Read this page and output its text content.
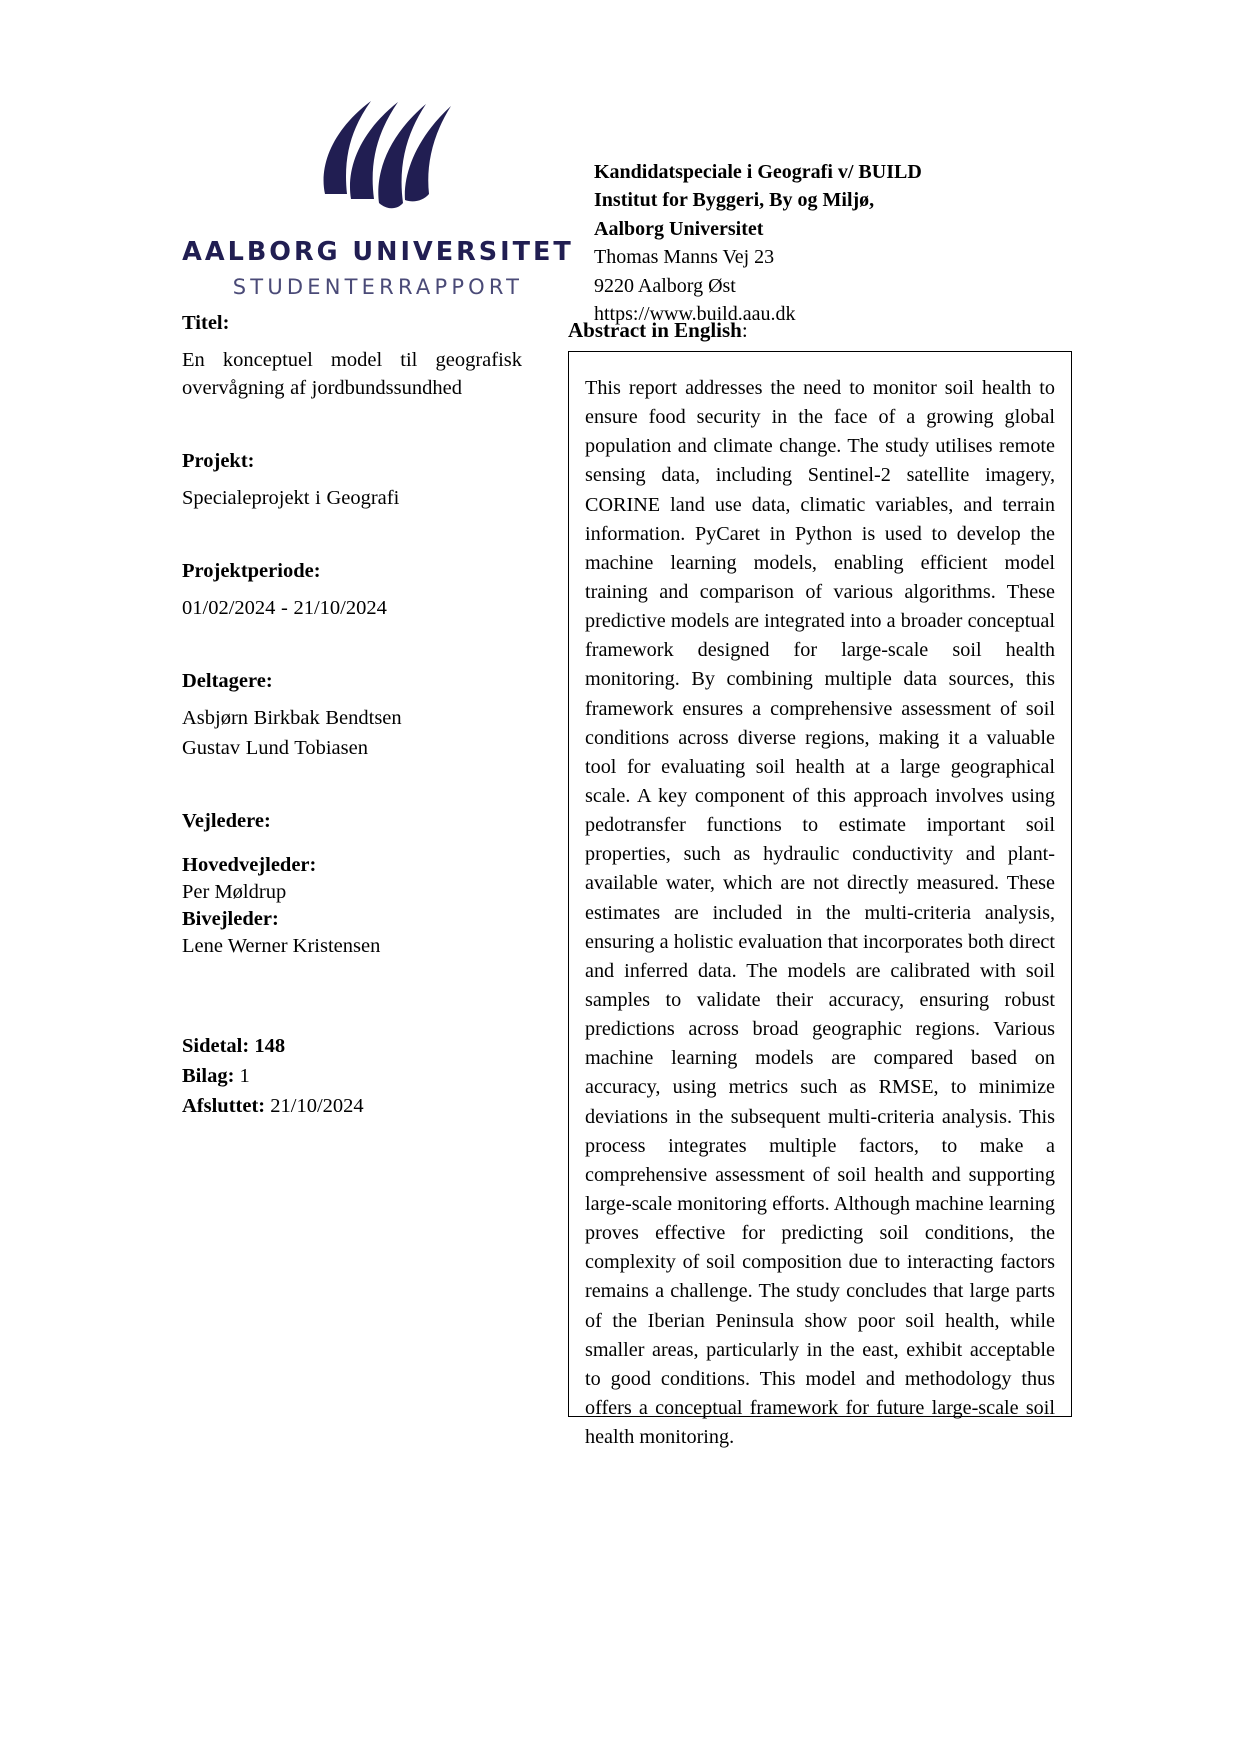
AALBORG UNIVERSITET
STUDENTERRAPPORT

Titel:

En konceptuel model til geografisk overvågning af jordbundssundhed

Projekt:

Specialeprojekt i Geografi

Projektperiode:

01/02/2024 - 21/10/2024

Deltagere:

Asbjørn Birkbak Bendtsen

Gustav Lund Tobiasen

Vejledere:

Hovedvejleder:

Per Møldrup

Bivejleder:

Lene Werner Kristensen

Sidetal: 148

Bilag: 1

Afsluttet: 21/10/2024

Kandidatspeciale i Geografi v/ BUILD

Institut for Byggeri, By og Miljø,

Aalborg Universitet

Thomas Manns Vej 23

9220 Aalborg Øst

https://www.build.aau.dk

Abstract in English:

This report addresses the need to monitor soil health to ensure food security in the face of a growing global population and climate change. The study utilises remote sensing data, including Sentinel-2 satellite imagery, CORINE land use data, climatic variables, and terrain information. PyCaret in Python is used to develop the machine learning models, enabling efficient model training and comparison of various algorithms. These predictive models are integrated into a broader conceptual framework designed for large-scale soil health monitoring. By combining multiple data sources, this framework ensures a comprehensive assessment of soil conditions across diverse regions, making it a valuable tool for evaluating soil health at a large geographical scale. A key component of this approach involves using pedotransfer functions to estimate important soil properties, such as hydraulic conductivity and plant-available water, which are not directly measured. These estimates are included in the multi-criteria analysis, ensuring a holistic evaluation that incorporates both direct and inferred data. The models are calibrated with soil samples to validate their accuracy, ensuring robust predictions across broad geographic regions. Various machine learning models are compared based on accuracy, using metrics such as RMSE, to minimize deviations in the subsequent multi-criteria analysis. This process integrates multiple factors, to make a comprehensive assessment of soil health and supporting large-scale monitoring efforts. Although machine learning proves effective for predicting soil conditions, the complexity of soil composition due to interacting factors remains a challenge. The study concludes that large parts of the Iberian Peninsula show poor soil health, while smaller areas, particularly in the east, exhibit acceptable to good conditions. This model and methodology thus offers a conceptual framework for future large-scale soil health monitoring.
